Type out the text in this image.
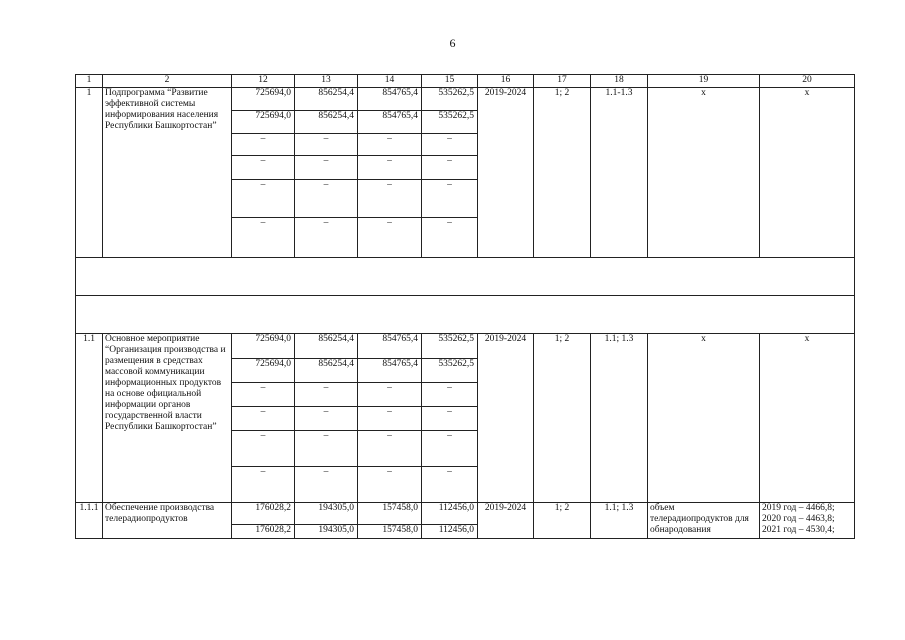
6
1	2	12	13	14	15	16	17	18	19	20
1	Подпрограмма “Развитие эффективной системы информирования населения Республики Башкортостан”	725694,0	856254,4	854765,4	535262,5	2019-2024	1; 2	1.1-1.3	х	х
		725694,0	856254,4	854765,4	535262,5					
		–	–	–	–					
		–	–	–	–					
		–	–	–	–					
		–	–	–	–					

1.1	Основное мероприятие “Организация производства и размещения в средствах массовой коммуникации информационных продуктов на основе официальной информации органов государственной власти Республики Башкортостан”	725694,0	856254,4	854765,4	535262,5	2019-2024	1; 2	1.1; 1.3	х	х
		725694,0	856254,4	854765,4	535262,5					
		–	–	–	–					
		–	–	–	–					
		–	–	–	–					
		–	–	–	–					
1.1.1	Обеспечение производства телерадиопродуктов	176028,2	194305,0	157458,0	112456,0	2019-2024	1; 2	1.1; 1.3	объем телерадиопродуктов для обнародования	2019 год – 4466,8; 2020 год – 4463,8; 2021 год – 4530,4;
		176028,2	194305,0	157458,0	112456,0					
